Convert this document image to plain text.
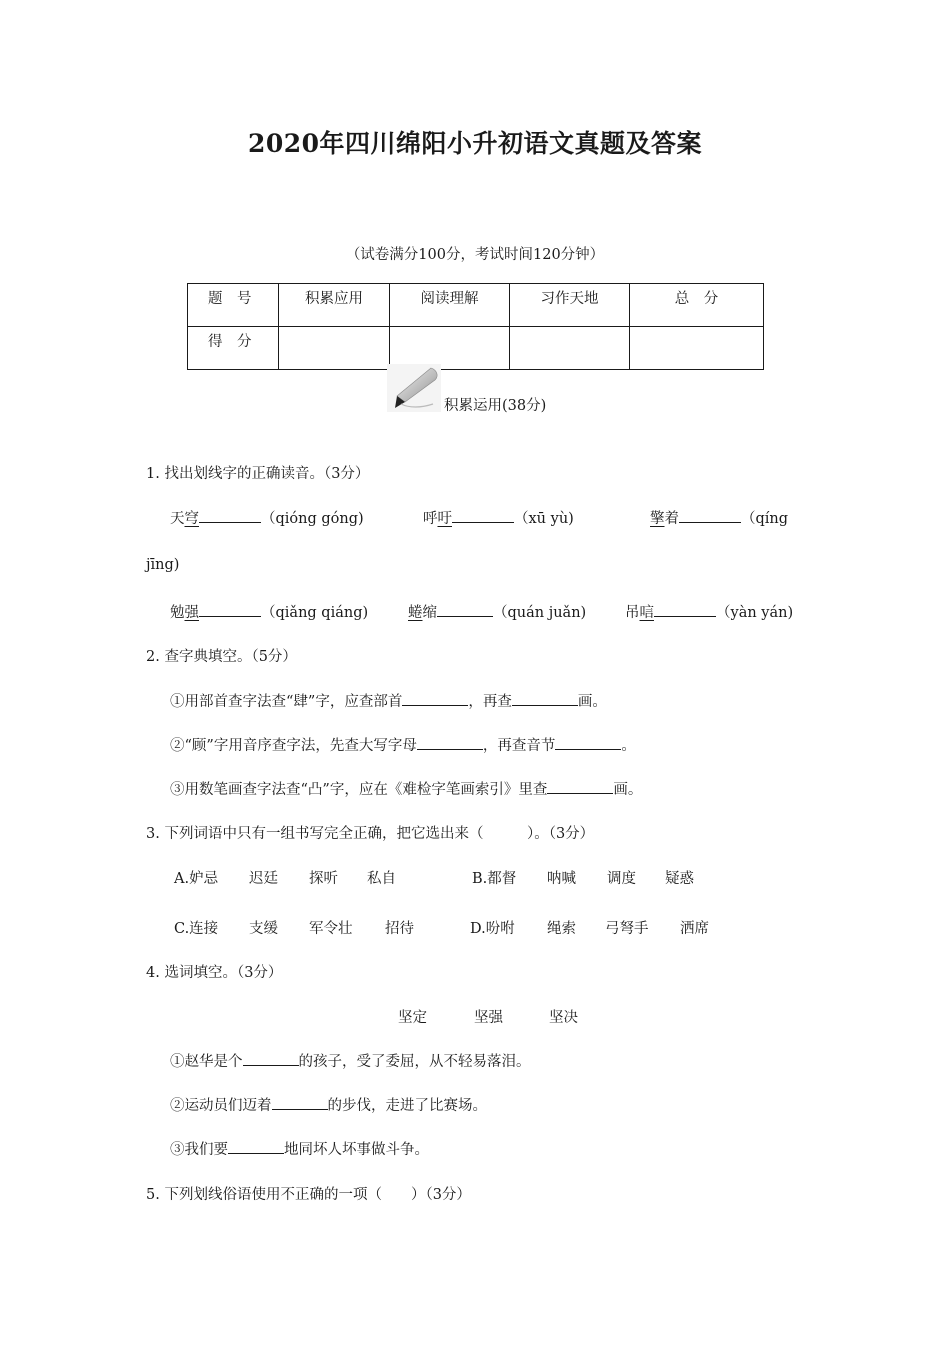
2020年四川绵阳小升初语文真题及答案
（试卷满分100分，考试时间120分钟）
题　号	积累应用	阅读理解	习作天地	总　分
得　分				
积累运用(38分)
1. 找出划线字的正确读音。（3分）
天穹	（qióng góng)	呼吁	（xū yù)	擎着	（qíng
jīng)
勉强	（qiǎng qiáng)	蜷缩	（quán juǎn)	吊唁	（yàn yán)
2. 查字典填空。（5分）
①用部首查字法查“肆”字，应查部首	，再查	画。
②“顾”字用音序查字法，先查大写字母	，再查音节	。
③用数笔画查字法查“凸”字，应在《难检字笔画索引》里查	画。
3. 下列词语中只有一组书写完全正确，把它选出来（　　　）。（3分）
A.妒忌 迟廷 探听 私自	B.都督 呐喊 调度 疑惑
C.连接 支缓 军令壮 招待	D.吩咐 绳索 弓弩手 洒席
4. 选词填空。（3分）
坚定	坚强	坚决
①赵华是个	的孩子，受了委屈，从不轻易落泪。
②运动员们迈着	的步伐，走进了比赛场。
③我们要	地同坏人坏事做斗争。
5. 下列划线俗语使用不正确的一项（　　）（3分）
